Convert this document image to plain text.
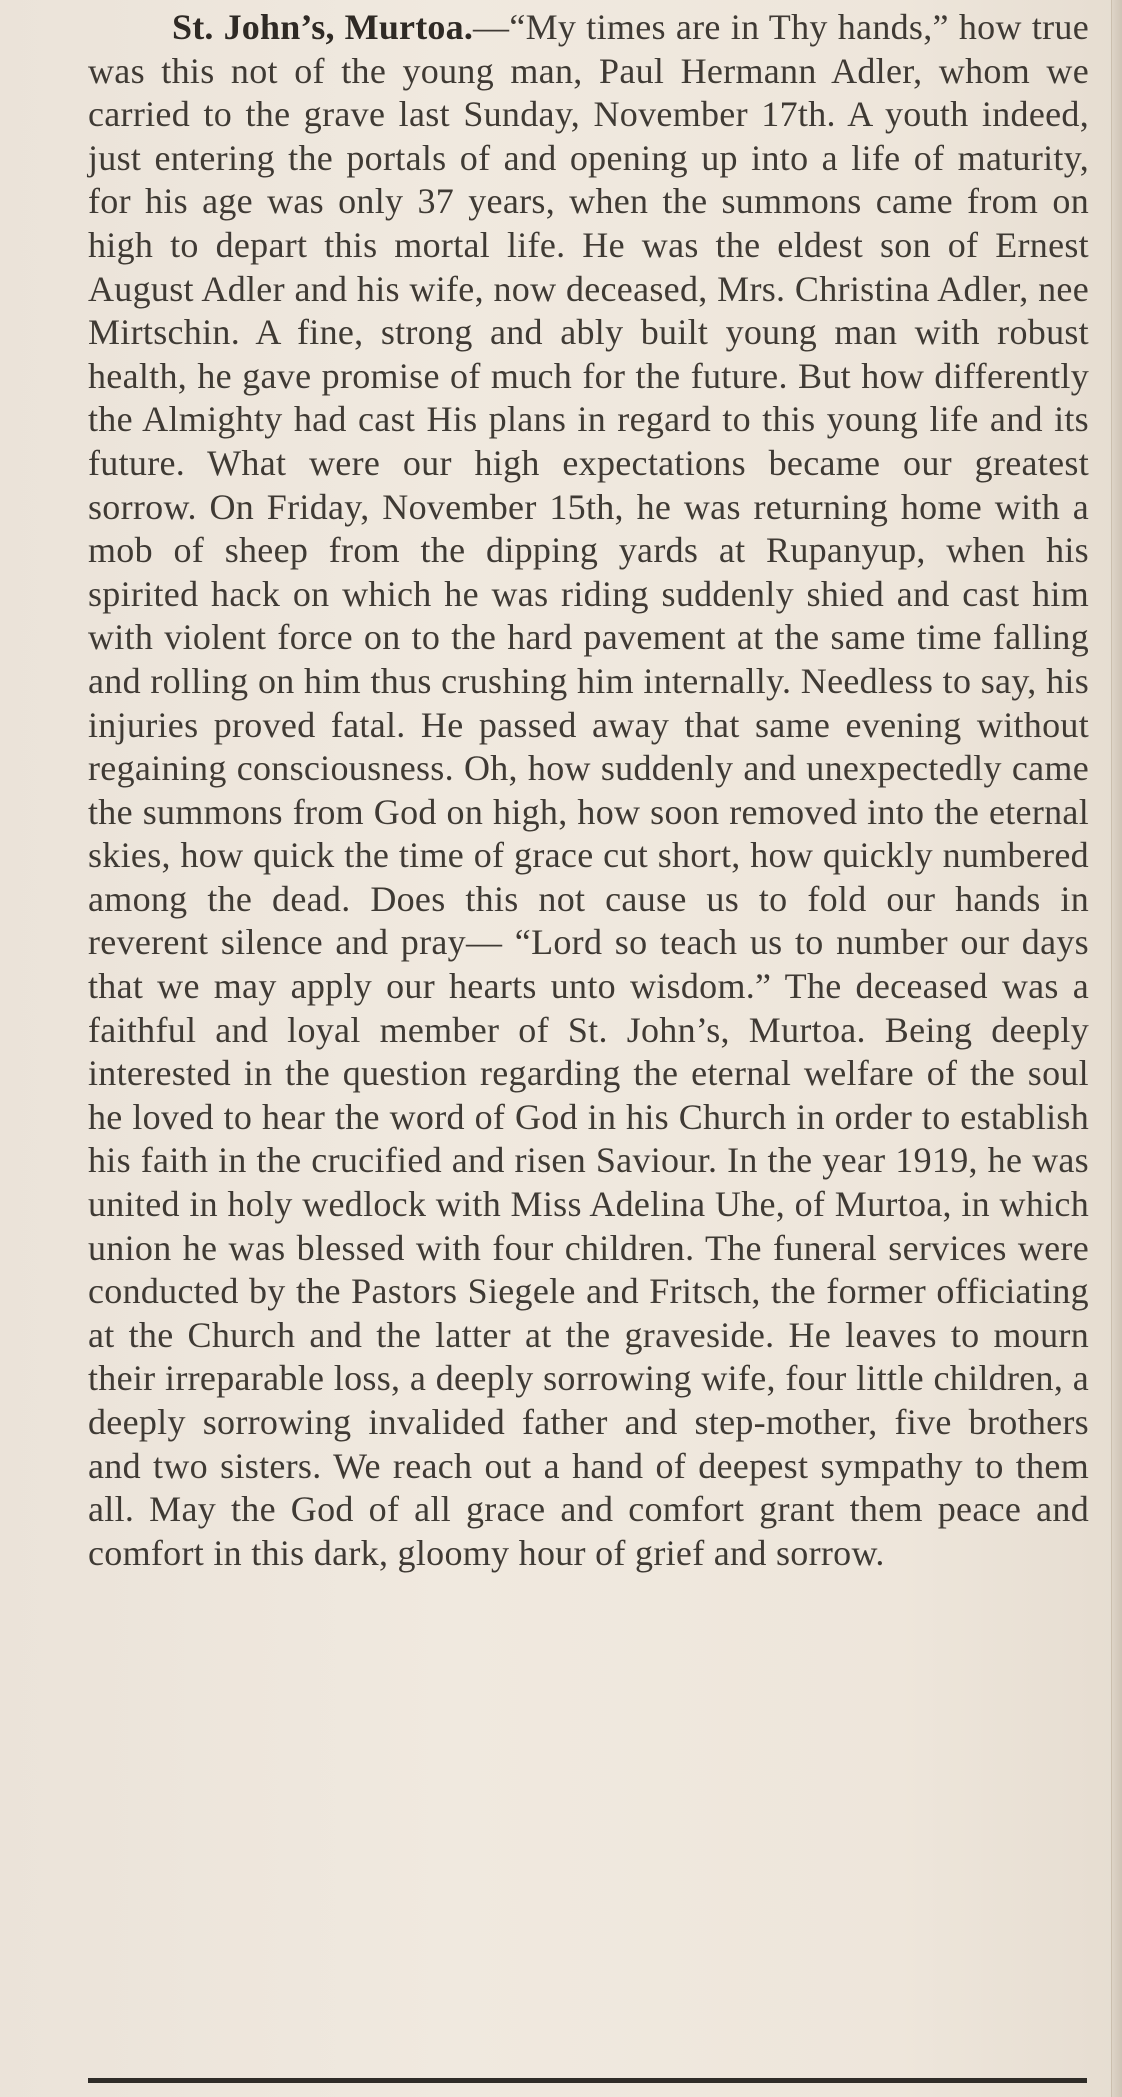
St. John’s, Murtoa.—“My times are in Thy hands,” how true was this not of the young man, Paul Hermann Adler, whom we carried to the grave last Sunday, November 17th. A youth indeed, just entering the portals of and opening up into a life of maturity, for his age was only 37 years, when the summons came from on high to depart this mortal life. He was the eldest son of Ernest August Adler and his wife, now deceased, Mrs. Christina Adler, nee Mirtschin. A fine, strong and ably built young man with robust health, he gave promise of much for the future. But how differently the Almighty had cast His plans in regard to this young life and its future. What were our high expectations became our greatest sorrow. On Friday, November 15th, he was returning home with a mob of sheep from the dipping yards at Rupanyup, when his spirited hack on which he was riding suddenly shied and cast him with violent force on to the hard pavement at the same time falling and rolling on him thus crushing him internally. Needless to say, his injuries proved fatal. He passed away that same evening without regaining consciousness. Oh, how suddenly and unexpectedly came the summons from God on high, how soon removed into the eternal skies, how quick the time of grace cut short, how quickly numbered among the dead. Does this not cause us to fold our hands in reverent silence and pray— “Lord so teach us to number our days that we may apply our hearts unto wisdom.” The deceased was a faithful and loyal member of St. John’s, Murtoa. Being deeply interested in the question regarding the eternal welfare of the soul he loved to hear the word of God in his Church in order to establish his faith in the crucified and risen Saviour. In the year 1919, he was united in holy wedlock with Miss Adelina Uhe, of Murtoa, in which union he was blessed with four children. The funeral services were conducted by the Pastors Siegele and Fritsch, the former officiating at the Church and the latter at the graveside. He leaves to mourn their irreparable loss, a deeply sorrowing wife, four little children, a deeply sorrowing invalided father and step-mother, five brothers and two sisters. We reach out a hand of deepest sympathy to them all. May the God of all grace and comfort grant them peace and comfort in this dark, gloomy hour of grief and sorrow.
